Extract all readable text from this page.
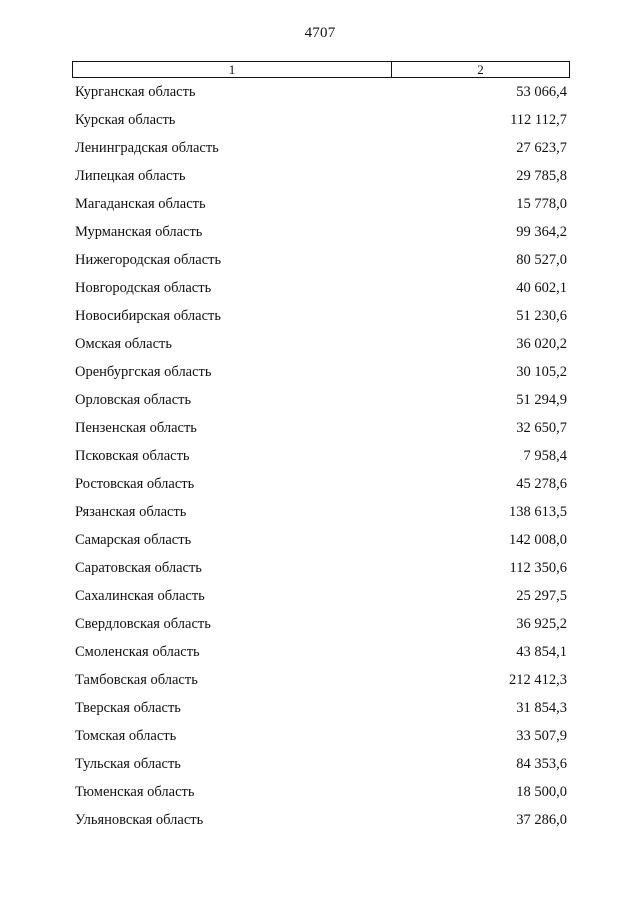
4707
1	2
Курганская область	53 066,4
Курская область	112 112,7
Ленинградская область	27 623,7
Липецкая область	29 785,8
Магаданская область	15 778,0
Мурманская область	99 364,2
Нижегородская область	80 527,0
Новгородская область	40 602,1
Новосибирская область	51 230,6
Омская область	36 020,2
Оренбургская область	30 105,2
Орловская область	51 294,9
Пензенская область	32 650,7
Псковская область	7 958,4
Ростовская область	45 278,6
Рязанская область	138 613,5
Самарская область	142 008,0
Саратовская область	112 350,6
Сахалинская область	25 297,5
Свердловская область	36 925,2
Смоленская область	43 854,1
Тамбовская область	212 412,3
Тверская область	31 854,3
Томская область	33 507,9
Тульская область	84 353,6
Тюменская область	18 500,0
Ульяновская область	37 286,0
